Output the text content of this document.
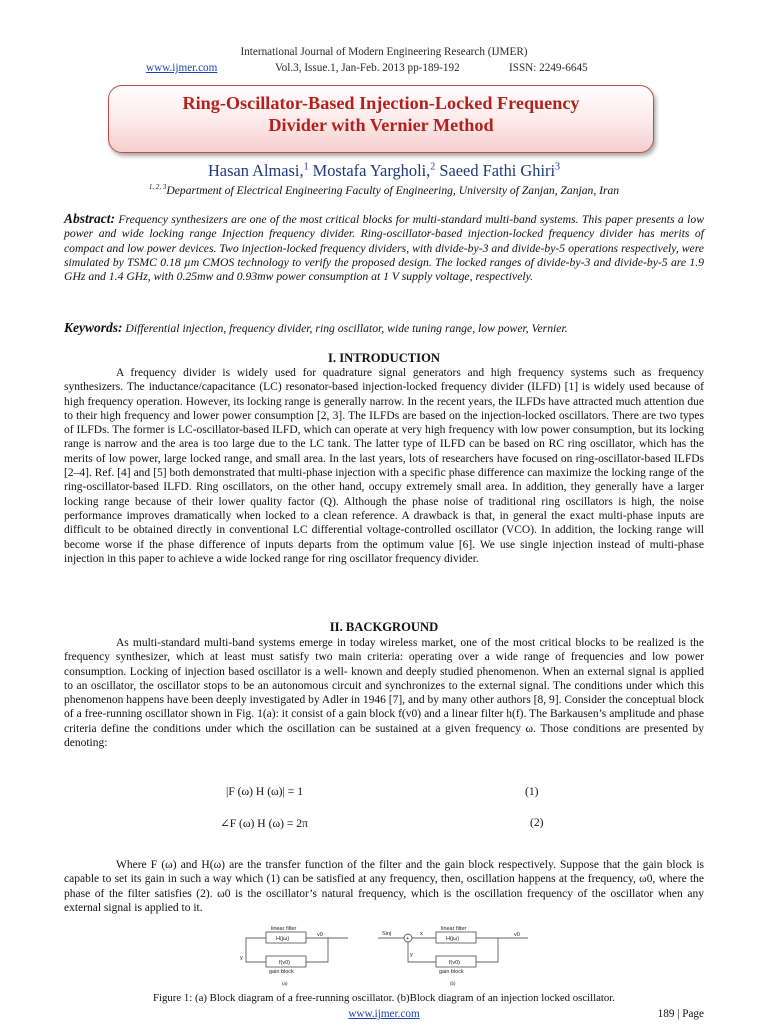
International Journal of Modern Engineering Research (IJMER)
www.ijmer.com	Vol.3, Issue.1, Jan-Feb. 2013 pp-189-192	ISSN: 2249-6645
Ring-Oscillator-Based Injection-Locked Frequency
Divider with Vernier Method
Hasan Almasi,$^1$ Mostafa Yargholi,$^2$ Saeed Fathi Ghiri$^3$
$^{1, 2, 3}$Department of Electrical Engineering Faculty of Engineering, University of Zanjan, Zanjan, Iran
Abstract: Frequency synthesizers are one of the most critical blocks for multi-standard multi-band systems. This paper presents a low power and wide locking range Injection frequency divider. Ring-oscillator-based injection-locked frequency divider has merits of compact and low power devices. Two injection-locked frequency dividers, with divide-by-3 and divide-by-5 operations respectively, were simulated by TSMC 0.18 µm CMOS technology to verify the proposed design. The locked ranges of divide-by-3 and divide-by-5 are 1.9 GHz and 1.4 GHz, with 0.25mw and 0.93mw power consumption at 1 V supply voltage, respectively.
Keywords: Differential injection, frequency divider, ring oscillator, wide tuning range, low power, Vernier.
I. INTRODUCTION

A frequency divider is widely used for quadrature signal generators and high frequency systems such as frequency synthesizers. The inductance/capacitance (LC) resonator-based injection-locked frequency divider (ILFD) [1] is widely used because of high frequency operation. However, its locking range is generally narrow. In the recent years, the ILFDs have attracted much attention due to their high frequency and lower power consumption [2, 3]. The ILFDs are based on the injection-locked oscillators. There are two types of ILFDs. The former is LC-oscillator-based ILFD, which can operate at very high frequency with low power consumption, but its locking range is narrow and the area is too large due to the LC tank. The latter type of ILFD can be based on RC ring oscillator, which has the merits of low power, large locked range, and small area. In the last years, lots of researchers have focused on ring-oscillator-based ILFDs [2–4]. Ref. [4] and [5] both demonstrated that multi-phase injection with a specific phase difference can maximize the locking range of the ring-oscillator-based ILFD. Ring oscillators, on the other hand, occupy extremely small area. In addition, they generally have a larger locking range because of their lower quality factor (Q). Although the phase noise of traditional ring oscillators is high, the noise performance improves dramatically when locked to a clean reference. A drawback is that, in general the exact multi-phase inputs are difficult to be obtained directly in conventional LC differential voltage-controlled oscillator (VCO). In addition, the locking range will become worse if the phase difference of inputs departs from the optimum value [6]. We use single injection instead of multi-phase injection in this paper to achieve a wide locked range for ring oscillator frequency divider.

II. BACKGROUND

As multi-standard multi-band systems emerge in today wireless market, one of the most critical blocks to be realized is the frequency synthesizer, which at least must satisfy two main criteria: operating over a wide range of frequencies and low power consumption. Locking of injection based oscillator is a well- known and deeply studied phenomenon. When an external signal is applied to an oscillator, the oscillator stops to be an autonomous circuit and synchronizes to the external signal. The conditions under which this phenomenon happens have been deeply investigated by Adler in 1946 [7], and by many other authors [8, 9]. Consider the conceptual block of a free-running oscillator shown in Fig. 1(a): it consist of a gain block f(v0) and a linear filter h(f). The Barkausen’s amplitude and phase criteria define the conditions under which the oscillation can be sustained at a given frequency ω. Those conditions are presented by denoting:

|F (ω) H (ω)| = 1	(1)
∠F (ω) H (ω) = 2π	(2)

Where F (ω) and H(ω) are the transfer function of the filter and the gain block respectively. Suppose that the gain block is capable to set its gain in such a way which (1) can be satisfied at any frequency, then, oscillation happens at the frequency, ω0, where the phase of the filter satisfies (2). ω0 is the oscillator’s natural frequency, which is the oscillation frequency of the oscillator when any external signal is applied to it.

linear filter
H(jω)
f(v0)
gain block
v0
y
(a)
+
Sinj	x
linear filter
H(jω)
f(v0)
gain block
v0
y
(b)
Figure 1: (a) Block diagram of a free-running oscillator. (b)Block diagram of an injection locked oscillator.
www.ijmer.com	189 | Page
